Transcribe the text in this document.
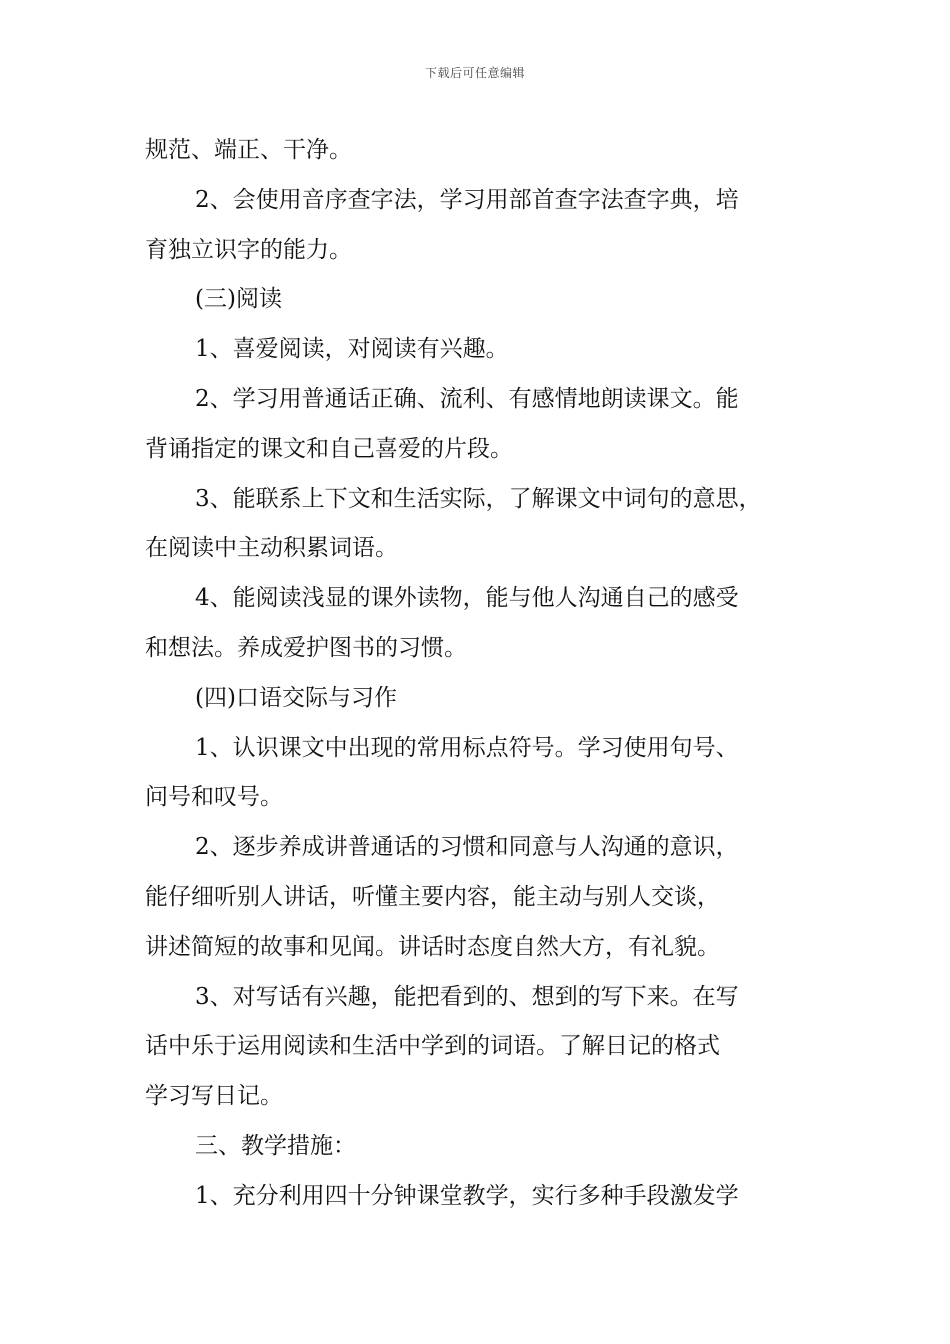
下载后可任意编辑
规范、端正、干净。
2、会使用音序查字法，学习用部首查字法查字典，培
育独立识字的能力。
(三)阅读
1、喜爱阅读，对阅读有兴趣。
2、学习用普通话正确、流利、有感情地朗读课文。能
背诵指定的课文和自己喜爱的片段。
3、能联系上下文和生活实际，了解课文中词句的意思，
在阅读中主动积累词语。
4、能阅读浅显的课外读物，能与他人沟通自己的感受
和想法。养成爱护图书的习惯。
(四)口语交际与习作
1、认识课文中出现的常用标点符号。学习使用句号、
问号和叹号。
2、逐步养成讲普通话的习惯和同意与人沟通的意识，
能仔细听别人讲话，听懂主要内容，能主动与别人交谈，
讲述简短的故事和见闻。讲话时态度自然大方，有礼貌。
3、对写话有兴趣，能把看到的、想到的写下来。在写
话中乐于运用阅读和生活中学到的词语。了解日记的格式
学习写日记。
三、教学措施：
1、充分利用四十分钟课堂教学，实行多种手段激发学
